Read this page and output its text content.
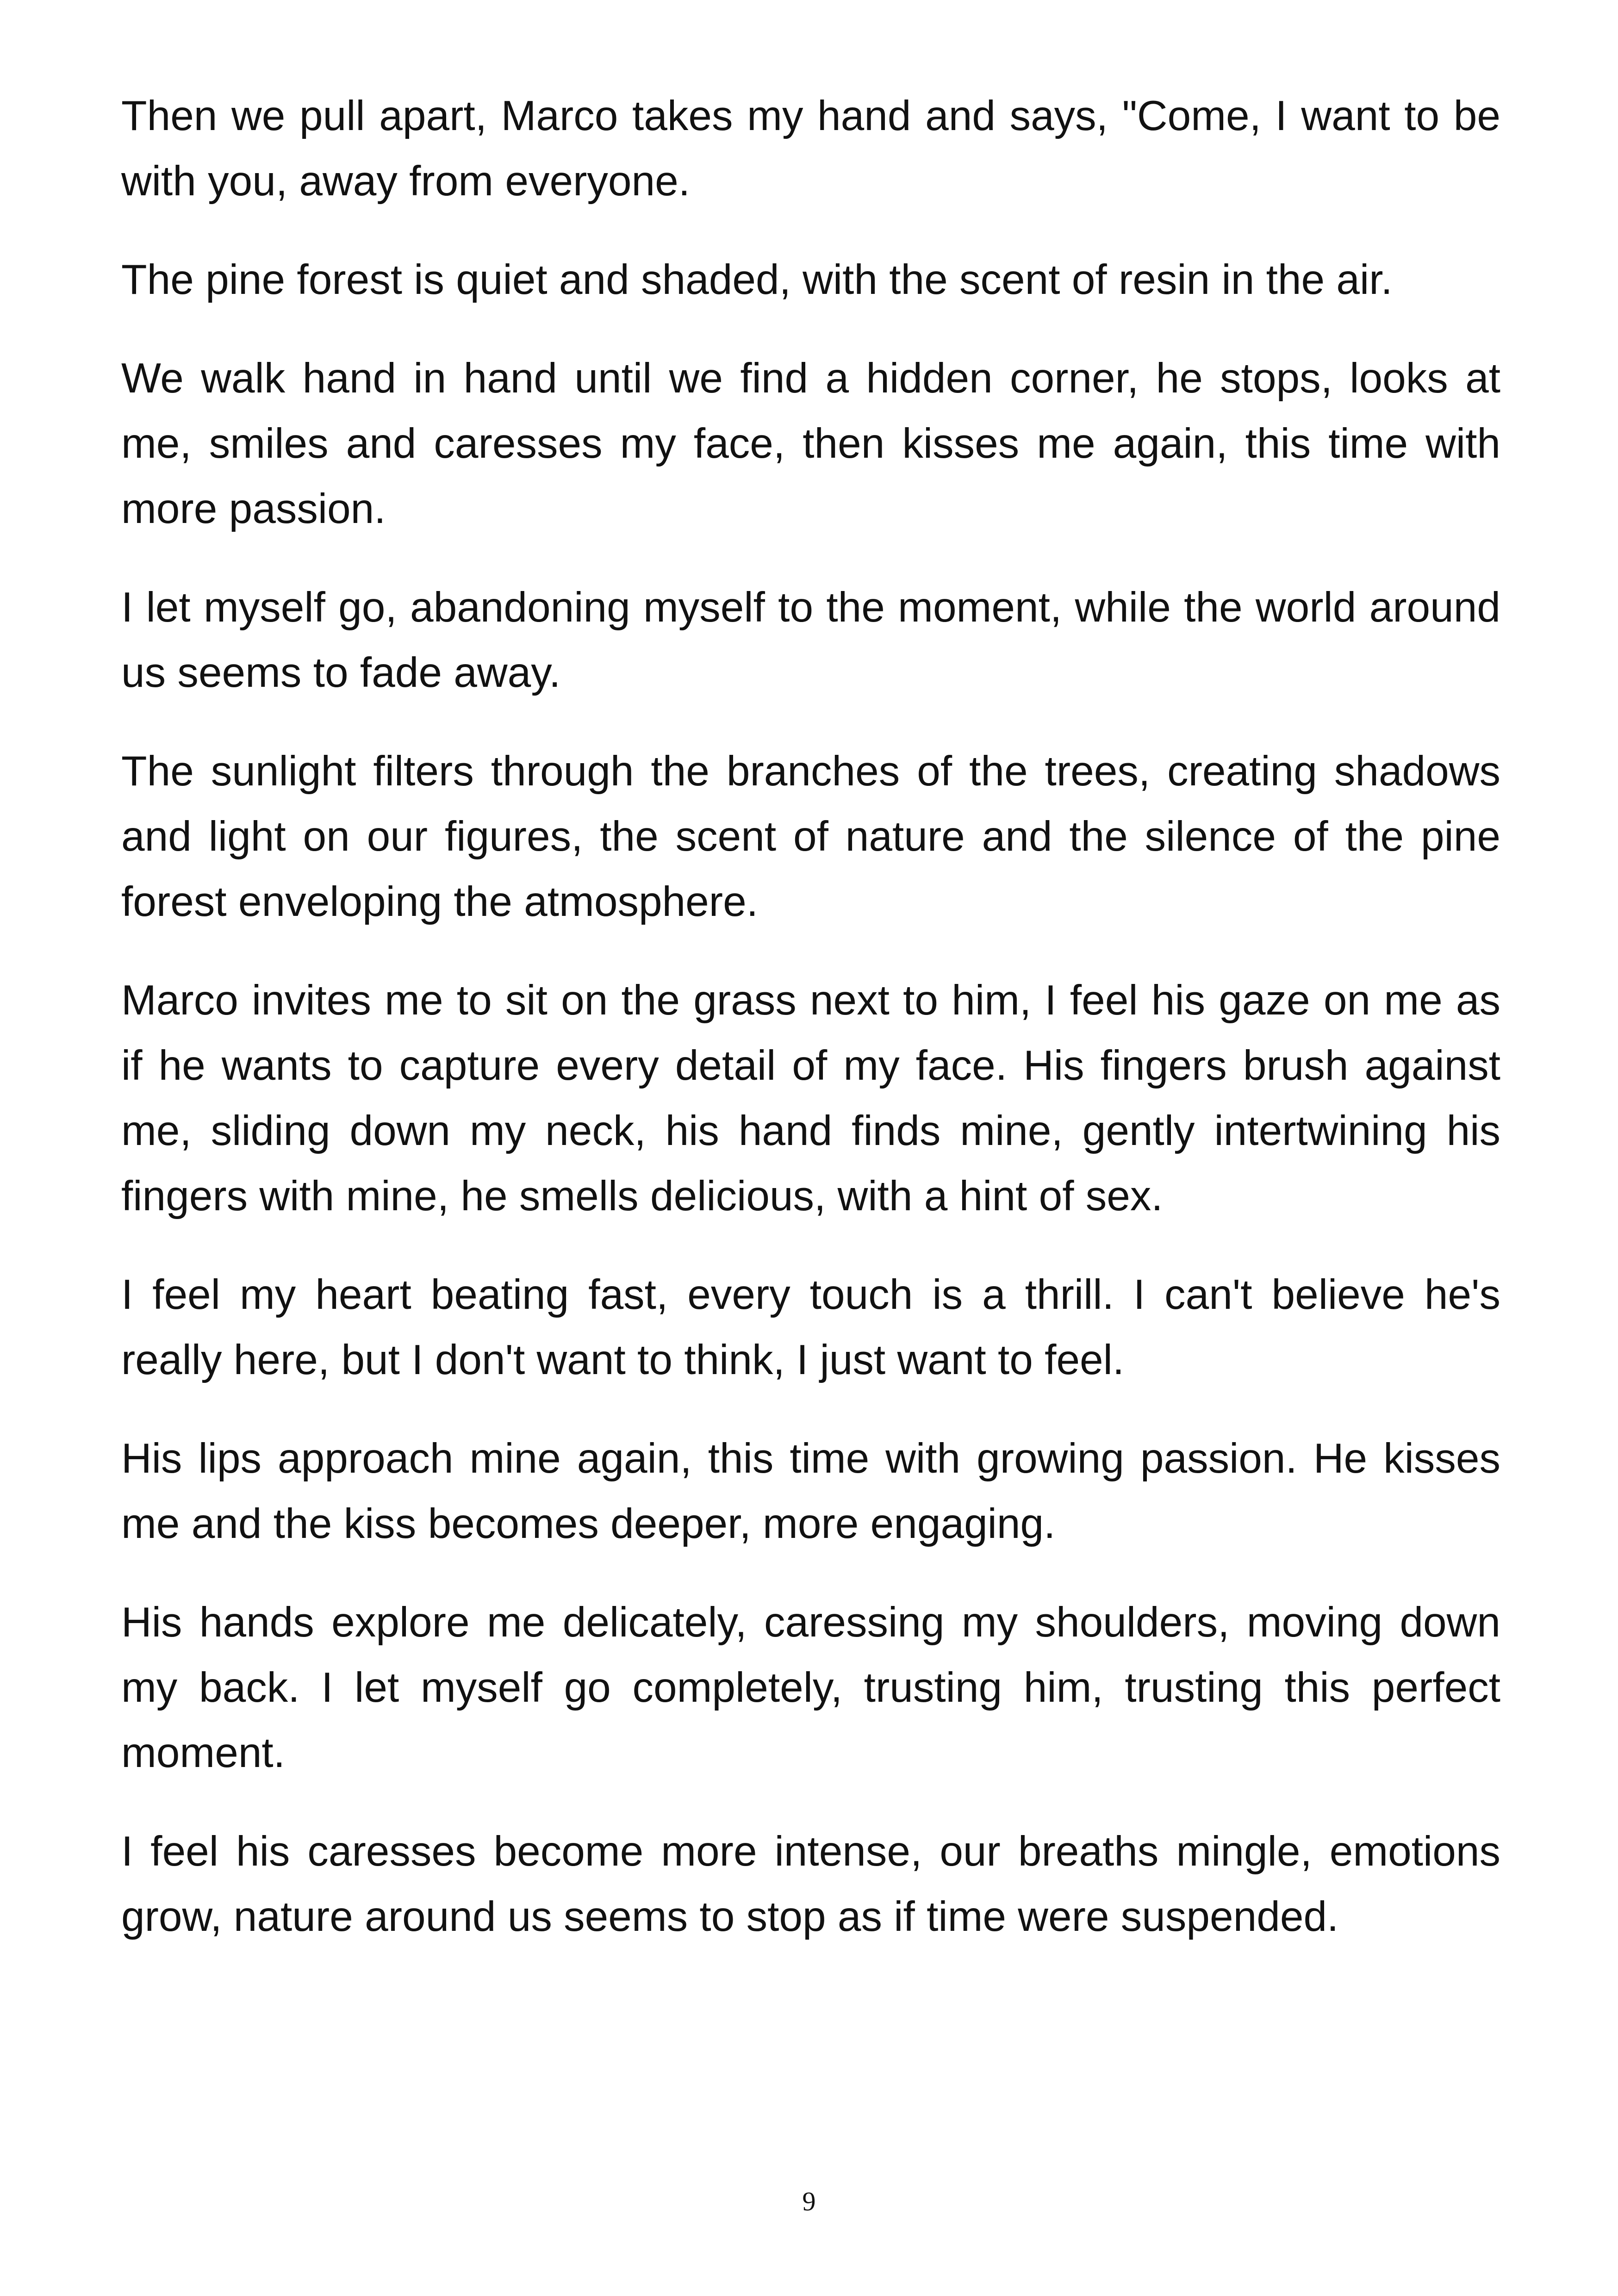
Then we pull apart, Marco takes my hand and says, "Come, I want to be with you, away from everyone.

The pine forest is quiet and shaded, with the scent of resin in the air.

We walk hand in hand until we find a hidden corner, he stops, looks at me, smiles and caresses my face, then kisses me again, this time with more passion.

I let myself go, abandoning myself to the moment, while the world around us seems to fade away.

The sunlight filters through the branches of the trees, creating shadows and light on our figures, the scent of nature and the silence of the pine forest enveloping the atmosphere.

Marco invites me to sit on the grass next to him, I feel his gaze on me as if he wants to capture every detail of my face. His fingers brush against me, sliding down my neck, his hand finds mine, gently intertwining his fingers with mine, he smells delicious, with a hint of sex.

I feel my heart beating fast, every touch is a thrill. I can't believe he's really here, but I don't want to think, I just want to feel.

His lips approach mine again, this time with growing passion. He kisses me and the kiss becomes deeper, more engaging.

His hands explore me delicately, caressing my shoulders, moving down my back. I let myself go completely, trusting him, trusting this perfect moment.

I feel his caresses become more intense, our breaths mingle, emotions grow, nature around us seems to stop as if time were suspended.

9
